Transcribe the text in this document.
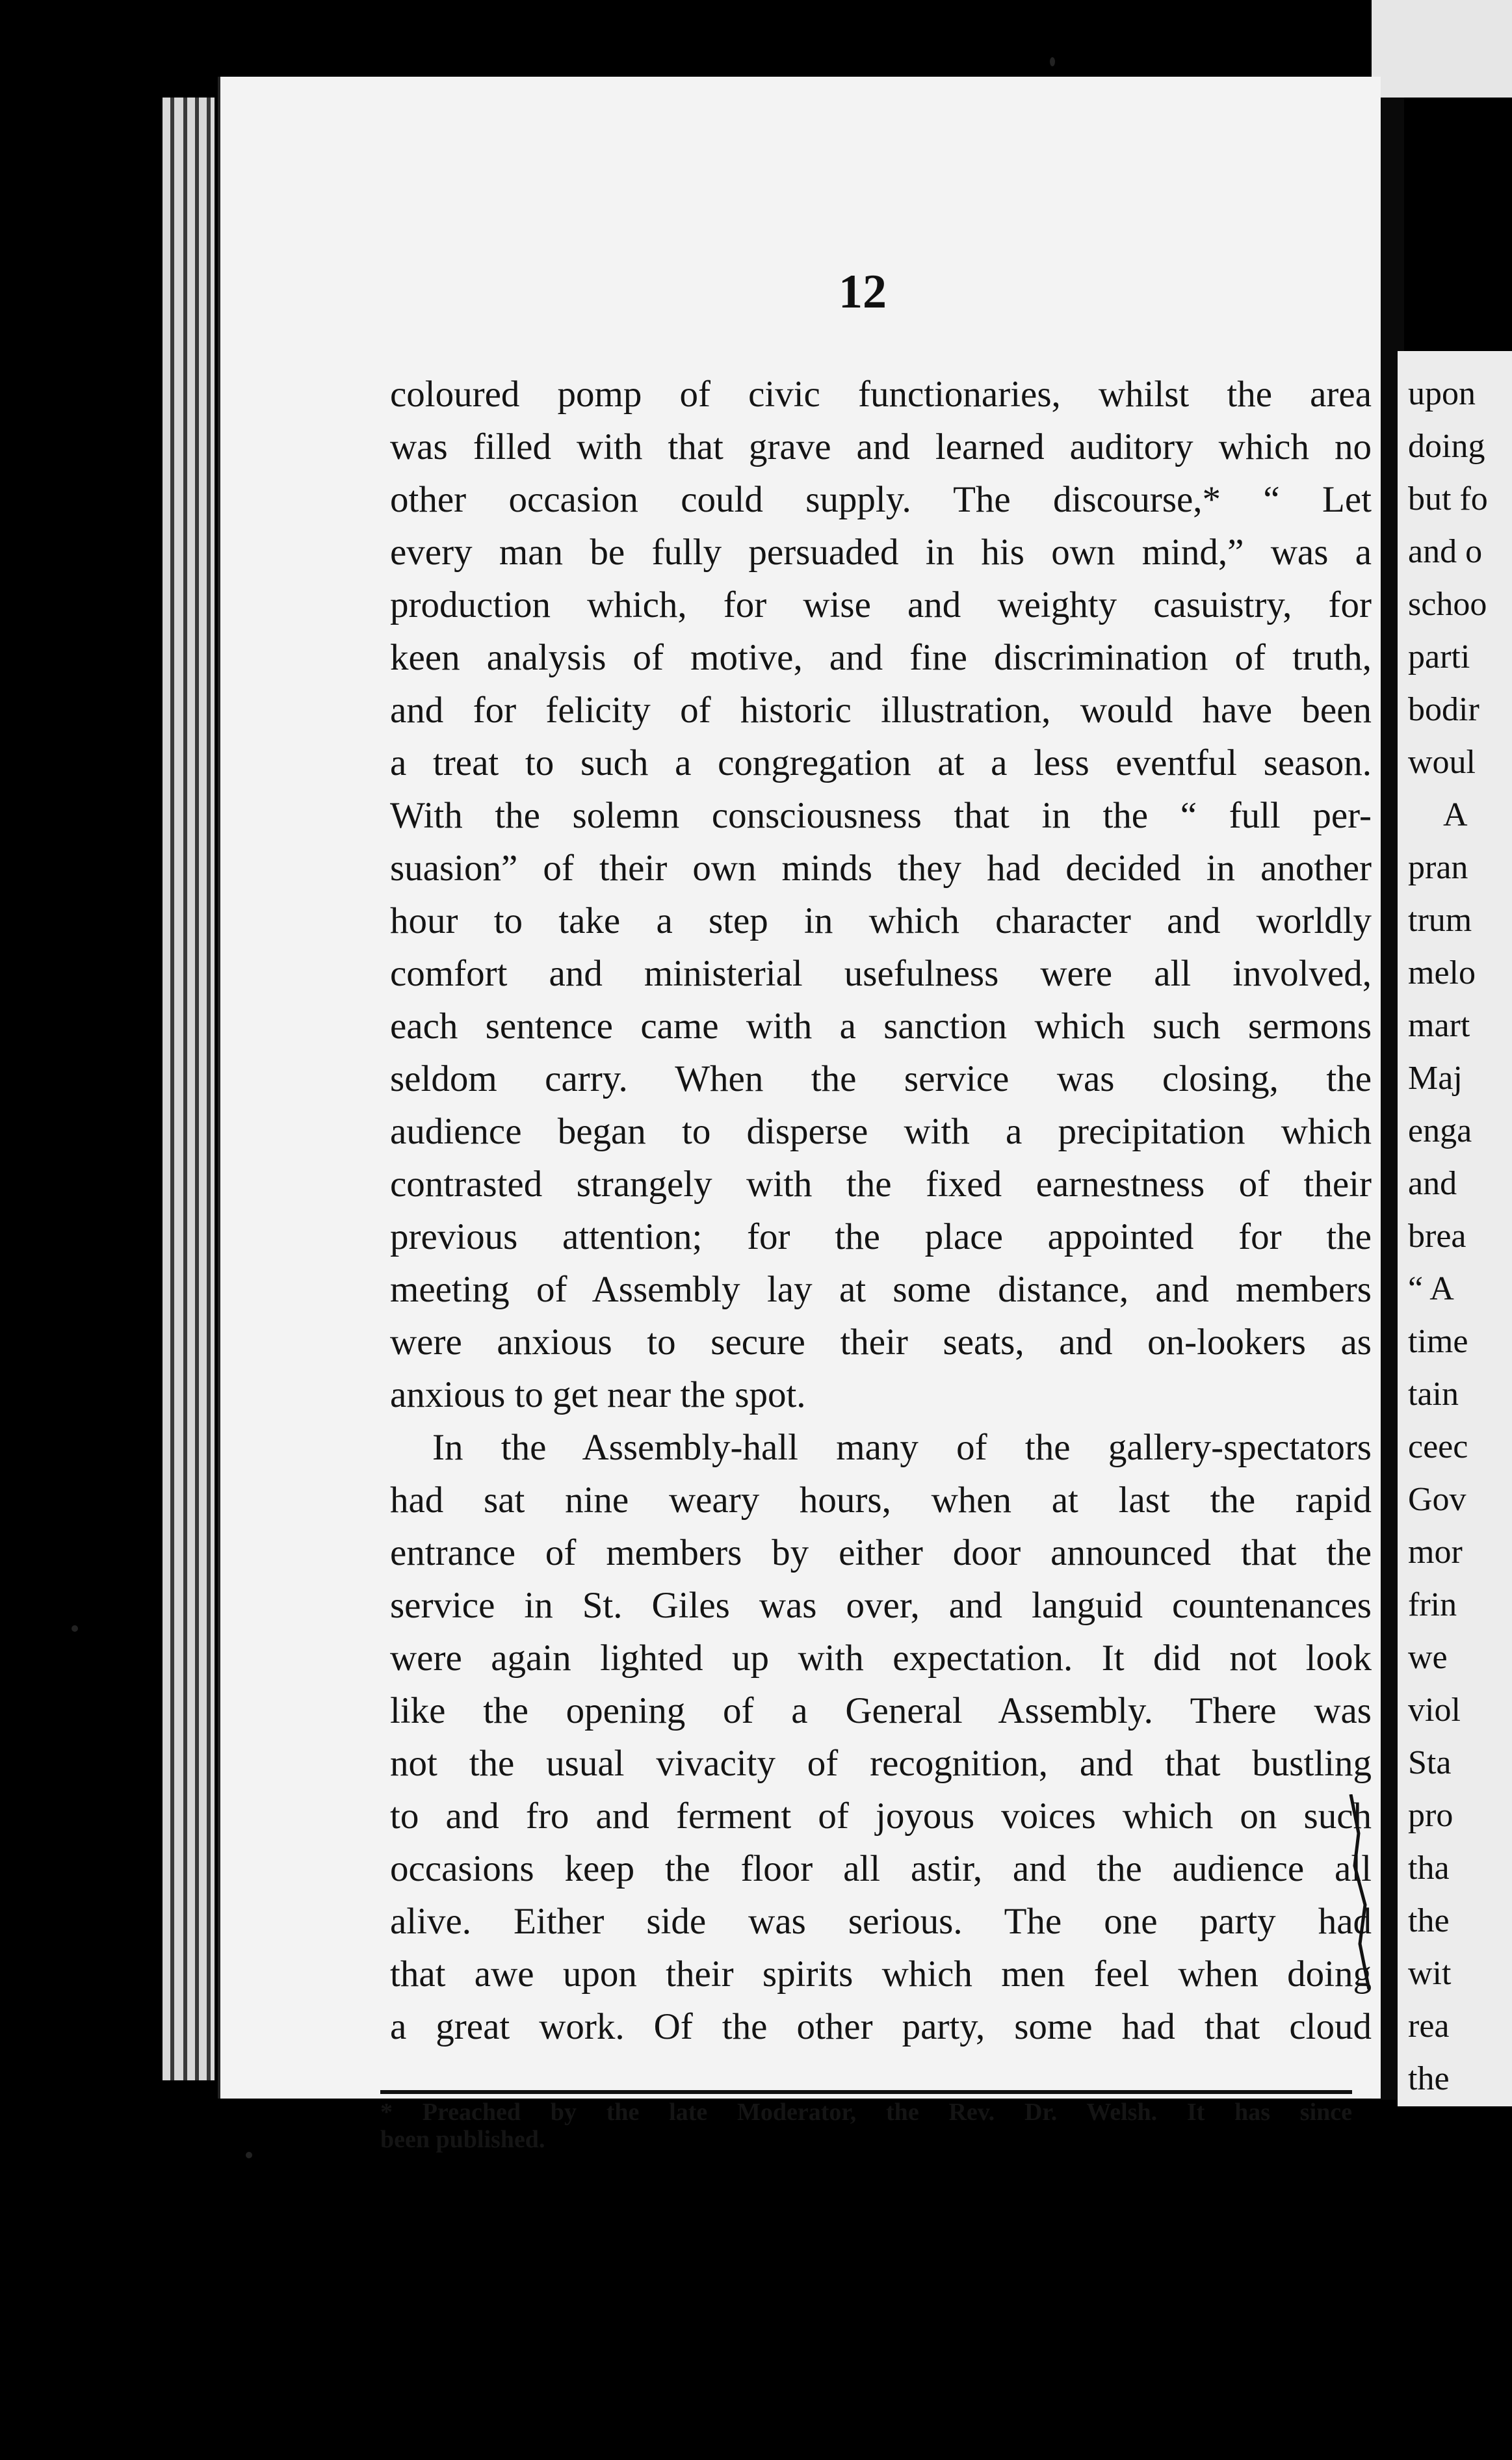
upon
doing
but fo
and o
schoo
parti
bodir
woul
A
pran
trum
melo
mart
Maj
enga
and
brea
“ A
time
tain
ceec
Gov
mor
frin
we
viol
Sta
pro
tha
the
wit
rea
the
12
coloured pomp of civic functionaries, whilst the area
was filled with that grave and learned auditory which no
other occasion could supply. The discourse,* “ Let
every man be fully persuaded in his own mind,” was a
production which, for wise and weighty casuistry, for
keen analysis of motive, and fine discrimination of truth,
and for felicity of historic illustration, would have been
a treat to such a congregation at a less eventful season.
With the solemn consciousness that in the “ full per-
suasion” of their own minds they had decided in another
hour to take a step in which character and worldly
comfort and ministerial usefulness were all involved,
each sentence came with a sanction which such sermons
seldom carry. When the service was closing, the
audience began to disperse with a precipitation which
contrasted strangely with the fixed earnestness of their
previous attention; for the place appointed for the
meeting of Assembly lay at some distance, and members
were anxious to secure their seats, and on-lookers as
anxious to get near the spot.
In the Assembly-hall many of the gallery-spectators
had sat nine weary hours, when at last the rapid
entrance of members by either door announced that the
service in St. Giles was over, and languid countenances
were again lighted up with expectation. It did not look
like the opening of a General Assembly. There was
not the usual vivacity of recognition, and that bustling
to and fro and ferment of joyous voices which on such
occasions keep the floor all astir, and the audience all
alive. Either side was serious. The one party had
that awe upon their spirits which men feel when doing
a great work. Of the other party, some had that cloud
* Preached by the late Moderator, the Rev. Dr. Welsh. It has since
been published.
